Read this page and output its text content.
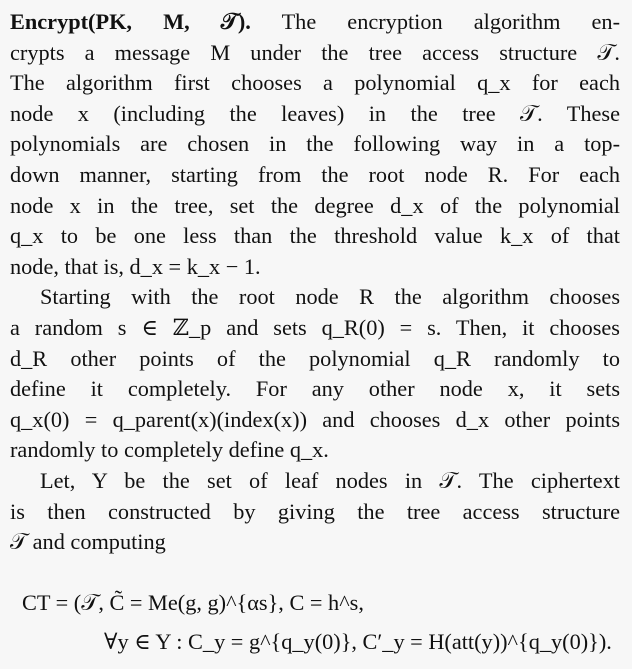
Encrypt(PK, M, 𝒯). The encryption algorithm en-
crypts a message M under the tree access structure 𝒯.
The algorithm first chooses a polynomial q_x for each
node x (including the leaves) in the tree 𝒯. These
polynomials are chosen in the following way in a top-
down manner, starting from the root node R. For each
node x in the tree, set the degree d_x of the polynomial
q_x to be one less than the threshold value k_x of that
node, that is, d_x = k_x − 1.

Starting with the root node R the algorithm chooses
a random s ∈ ℤ_p and sets q_R(0) = s. Then, it chooses
d_R other points of the polynomial q_R randomly to
define it completely. For any other node x, it sets
q_x(0) = q_parent(x)(index(x)) and chooses d_x other points
randomly to completely define q_x.

Let, Y be the set of leaf nodes in 𝒯. The ciphertext
is then constructed by giving the tree access structure
𝒯 and computing

CT = (𝒯, C̃ = Me(g, g)^{αs}, C = h^s,
∀y ∈ Y : C_y = g^{q_y(0)}, C′_y = H(att(y))^{q_y(0)}).
